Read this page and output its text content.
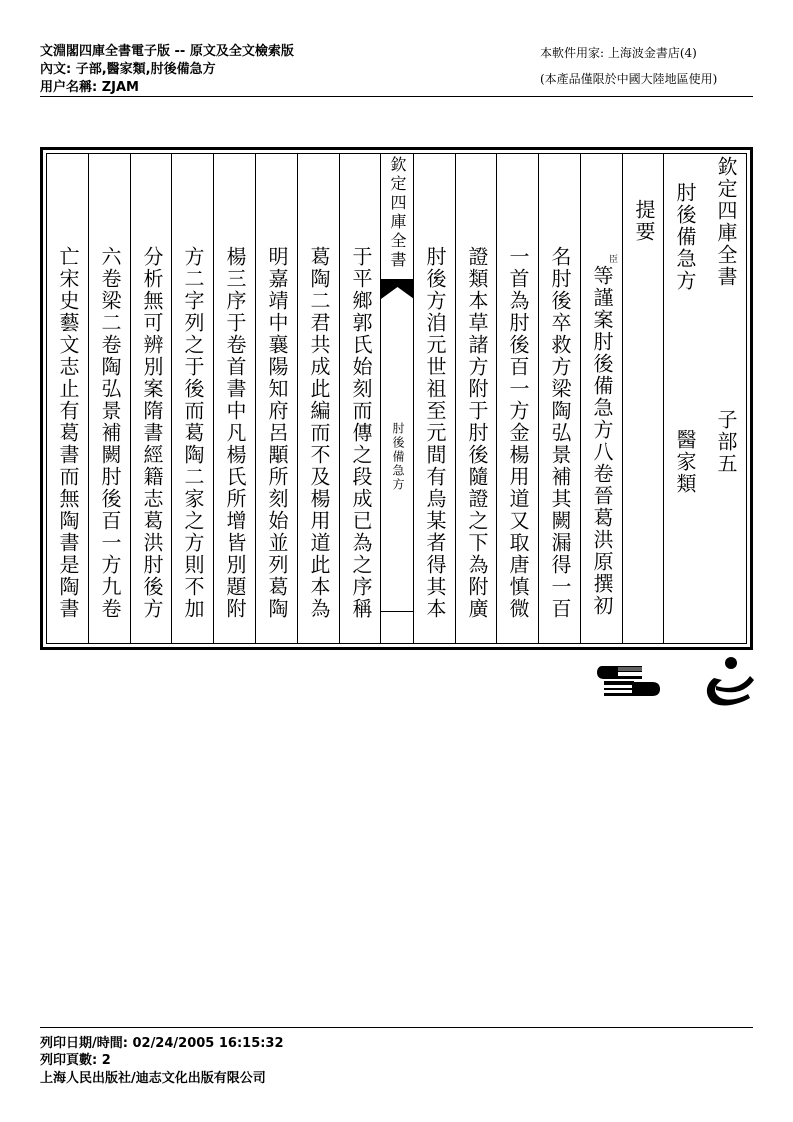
文淵閣四庫全書電子版 -- 原文及全文檢索版
內文: 子部,醫家類,肘後備急方
用户名稱: ZJAM
本軟件用家: 上海波金書店(4)
(本產品僅限於中國大陸地區使用)
欽定四庫全書
子部五
肘後備急方
醫家類
提要
臣
等謹案肘後備急方八卷晉葛洪原撰初
名肘後卒救方梁陶弘景補其闕漏得一百
一首為肘後百一方金楊用道又取唐慎微
證類本草諸方附于肘後隨證之下為附廣
肘後方洎元世祖至元間有烏某者得其本
欽定四庫全書
肘後備急方
于平鄉郭氏始刻而傳之段成已為之序稱
葛陶二君共成此編而不及楊用道此本為
明嘉靖中襄陽知府呂顒所刻始並列葛陶
楊三序于卷首書中凡楊氏所增皆別題附
方二字列之于後而葛陶二家之方則不加
分析無可辨別案隋書經籍志葛洪肘後方
六卷梁二卷陶弘景補闕肘後百一方九卷
亡宋史藝文志止有葛書而無陶書是陶書
列印日期/時間: 02/24/2005 16:15:32
列印頁數: 2
上海人民出版社/迪志文化出版有限公司
